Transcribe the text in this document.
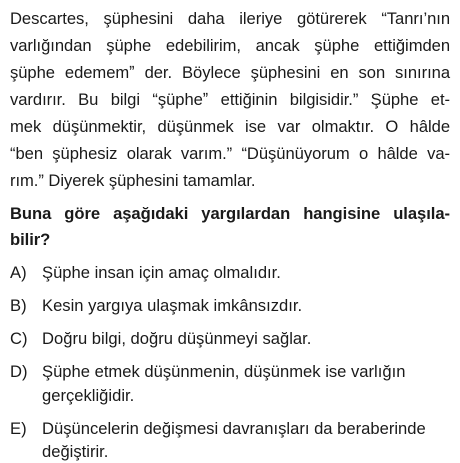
Descartes, şüphesini daha ileriye götürerek “Tanrı’nın
varlığından şüphe edebilirim, ancak şüphe ettiğimden
şüphe edememˮ der. Böylece şüphesini en son sınırına
vardırır. Bu bilgi “şüpheˮ ettiğinin bilgisidir.” Şüphe et-
mek düşünmektir, düşünmek ise var olmaktır. O hâlde
“ben şüphesiz olarak varım.” “Düşünüyorum o hâlde va-
rım.” Diyerek şüphesini tamamlar.
Buna göre aşağıdaki yargılardan hangisine ulaşıla-
bilir?
A) Şüphe insan için amaç olmalıdır.
B) Kesin yargıya ulaşmak imkânsızdır.
C) Doğru bilgi, doğru düşünmeyi sağlar.
D) Şüphe etmek düşünmenin, düşünmek ise varlığın
gerçekliğidir.
E) Düşüncelerin değişmesi davranışları da beraberinde
değiştirir.
